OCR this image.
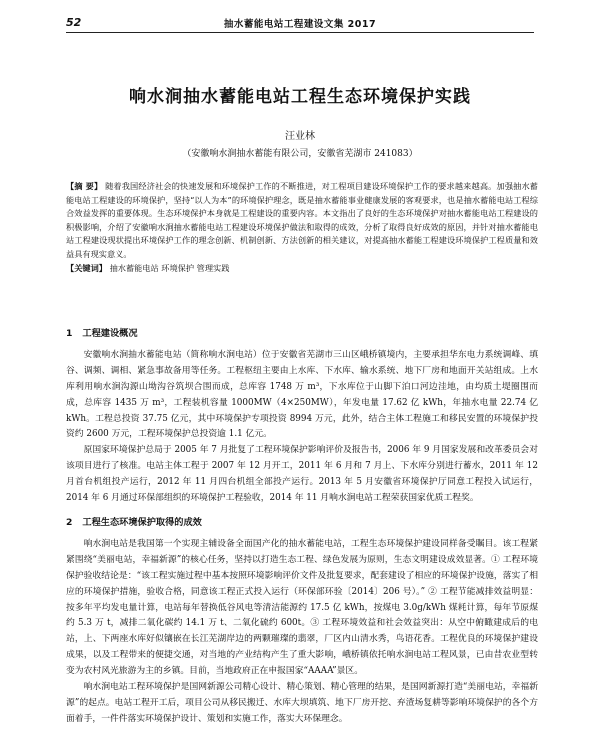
52	抽水蓄能电站工程建设文集 2017
响水涧抽水蓄能电站工程生态环境保护实践
汪业林
（安徽响水涧抽水蓄能有限公司，安徽省芜湖市 241083）
【摘 要】 随着我国经济社会的快速发展和环境保护工作的不断推进，对工程项目建设环境保护工作的要求越来越高。加强抽水蓄能电站工程建设的环境保护，坚持“以人为本”的环境保护理念，既是抽水蓄能事业健康发展的客观要求，也是抽水蓄能电站工程综合效益发挥的重要体现。生态环境保护本身就是工程建设的重要内容。本文指出了良好的生态环境保护对抽水蓄能电站工程建设的积极影响，介绍了安徽响水涧抽水蓄能电站工程建设环境保护做法和取得的成效，分析了取得良好成效的原因，并针对抽水蓄能电站工程建设现状提出环境保护工作的理念创新、机制创新、方法创新的相关建议，对提高抽水蓄能工程建设环境保护工程质量和效益具有现实意义。
【关键词】 抽水蓄能电站 环境保护 管理实践
1 工程建设概况

安徽响水涧抽水蓄能电站（简称响水涧电站）位于安徽省芜湖市三山区峨桥镇境内，主要承担华东电力系统调峰、填谷、调频、调相、紧急事故备用等任务。工程枢纽主要由上水库、下水库、输水系统、地下厂房和地面开关站组成。上水库利用响水涧沟源山坳沟谷筑坝合围而成，总库容 1748 万 m³，下水库位于山脚下泊口河边洼地，由均质土堤圈围而成，总库容 1435 万 m³，工程装机容量 1000MW（4×250MW），年发电量 17.62 亿 kWh，年抽水电量 22.74 亿 kWh。工程总投资 37.75 亿元，其中环境保护专项投资 8994 万元，此外，结合主体工程施工和移民安置的环境保护投资约 2600 万元，工程环境保护总投资逾 1.1 亿元。

原国家环境保护总局于 2005 年 7 月批复了工程环境保护影响评价及报告书，2006 年 9 月国家发展和改革委员会对该项目进行了核准。电站主体工程于 2007 年 12 月开工，2011 年 6 月和 7 月上、下水库分别进行蓄水，2011 年 12 月首台机组投产运行，2012 年 11 月四台机组全部投产运行。2013 年 5 月安徽省环境保护厅同意工程投入试运行，2014 年 6 月通过环保部组织的环境保护工程验收，2014 年 11 月响水涧电站工程荣获国家优质工程奖。

2 工程生态环境保护取得的成效

响水涧电站是我国第一个实现主辅设备全面国产化的抽水蓄能电站，工程生态环境保护建设同样备受瞩目。该工程紧紧围绕“美丽电站，幸福新源”的核心任务，坚持以打造生态工程、绿色发展为原则，生态文明建设成效显著。① 工程环境保护验收结论是：“该工程实施过程中基本按照环境影响评价文件及批复要求，配套建设了相应的环境保护设施，落实了相应的环境保护措施，验收合格，同意该工程正式投入运行（环保部环验〔2014〕206 号）。” ② 工程节能减排效益明显：按多年平均发电量计算，电站每年替换低谷风电等清洁能源约 17.5 亿 kWh，按煤电 3.0g/kWh 煤耗计算，每年节原煤约 5.3 万 t，减排二氧化碳约 14.1 万 t、二氧化硫约 600t。③ 工程环境效益和社会效益突出：从空中俯瞰建成后的电站，上、下两座水库好似镶嵌在长江芜湖岸边的两颗璀璨的翡翠，厂区内山清水秀，鸟语花香。工程优良的环境保护建设成果，以及工程带来的便捷交通，对当地的产业结构产生了重大影响，峨桥镇依托响水涧电站工程风景，已由昔农业型转变为农村风光旅游为主的乡镇。目前，当地政府正在申报国家“AAAA”景区。

响水涧电站工程环境保护是国网新源公司精心设计、精心策划、精心管理的结果，是国网新源打造“美丽电站，幸福新源”的起点。电站工程开工后，项目公司从移民搬迁、水库大坝填筑、地下厂房开挖、弃渣场复耕等影响环境保护的各个方面着手，一件件落实环境保护设计、策划和实施工作，落实大环保理念。
